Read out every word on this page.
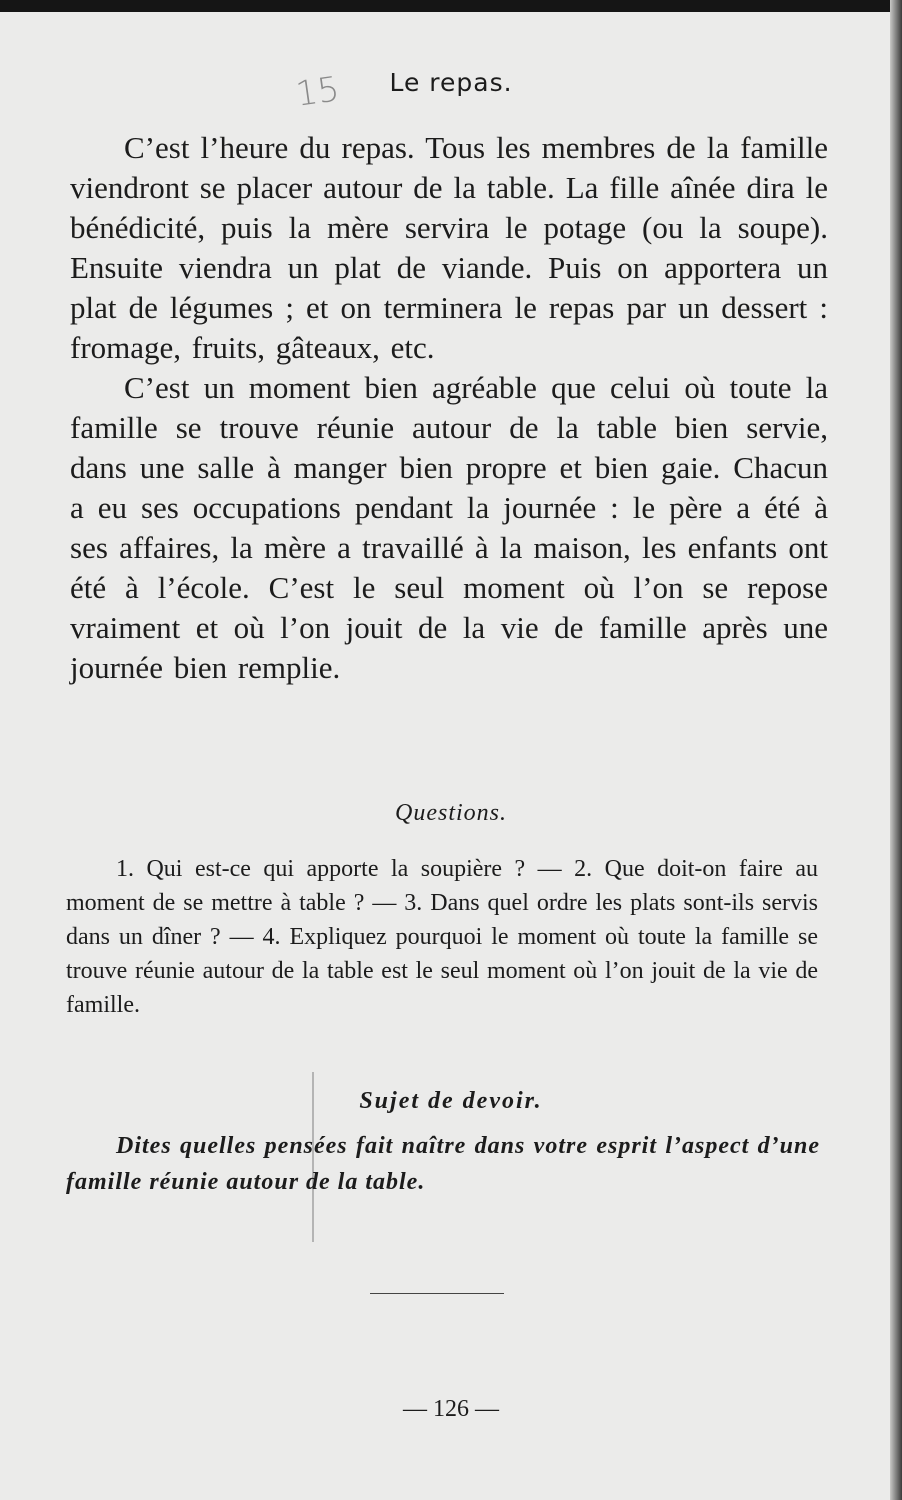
15	Le repas.

C’est l’heure du repas. Tous les membres de la famille viendront se placer autour de la table. La fille aînée dira le bénédicité, puis la mère servira le potage (ou la soupe). Ensuite viendra un plat de viande. Puis on apportera un plat de légumes ; et on terminera le repas par un dessert : fromage, fruits, gâteaux, etc.

C’est un moment bien agréable que celui où toute la famille se trouve réunie autour de la table bien servie, dans une salle à manger bien propre et bien gaie. Chacun a eu ses occupations pendant la journée : le père a été à ses affaires, la mère a travaillé à la maison, les enfants ont été à l’école. C’est le seul moment où l’on se repose vraiment et où l’on jouit de la vie de famille après une journée bien remplie.

Questions.
1. Qui est-ce qui apporte la soupière ? — 2. Que doit-on faire au moment de se mettre à table ? — 3. Dans quel ordre les plats sont-ils servis dans un dîner ? — 4. Expliquez pourquoi le moment où toute la famille se trouve réunie autour de la table est le seul moment où l’on jouit de la vie de famille.
Sujet de devoir.
Dites quelles pensées fait naître dans votre esprit l’aspect d’une famille réunie autour de la table.
— 126 —
